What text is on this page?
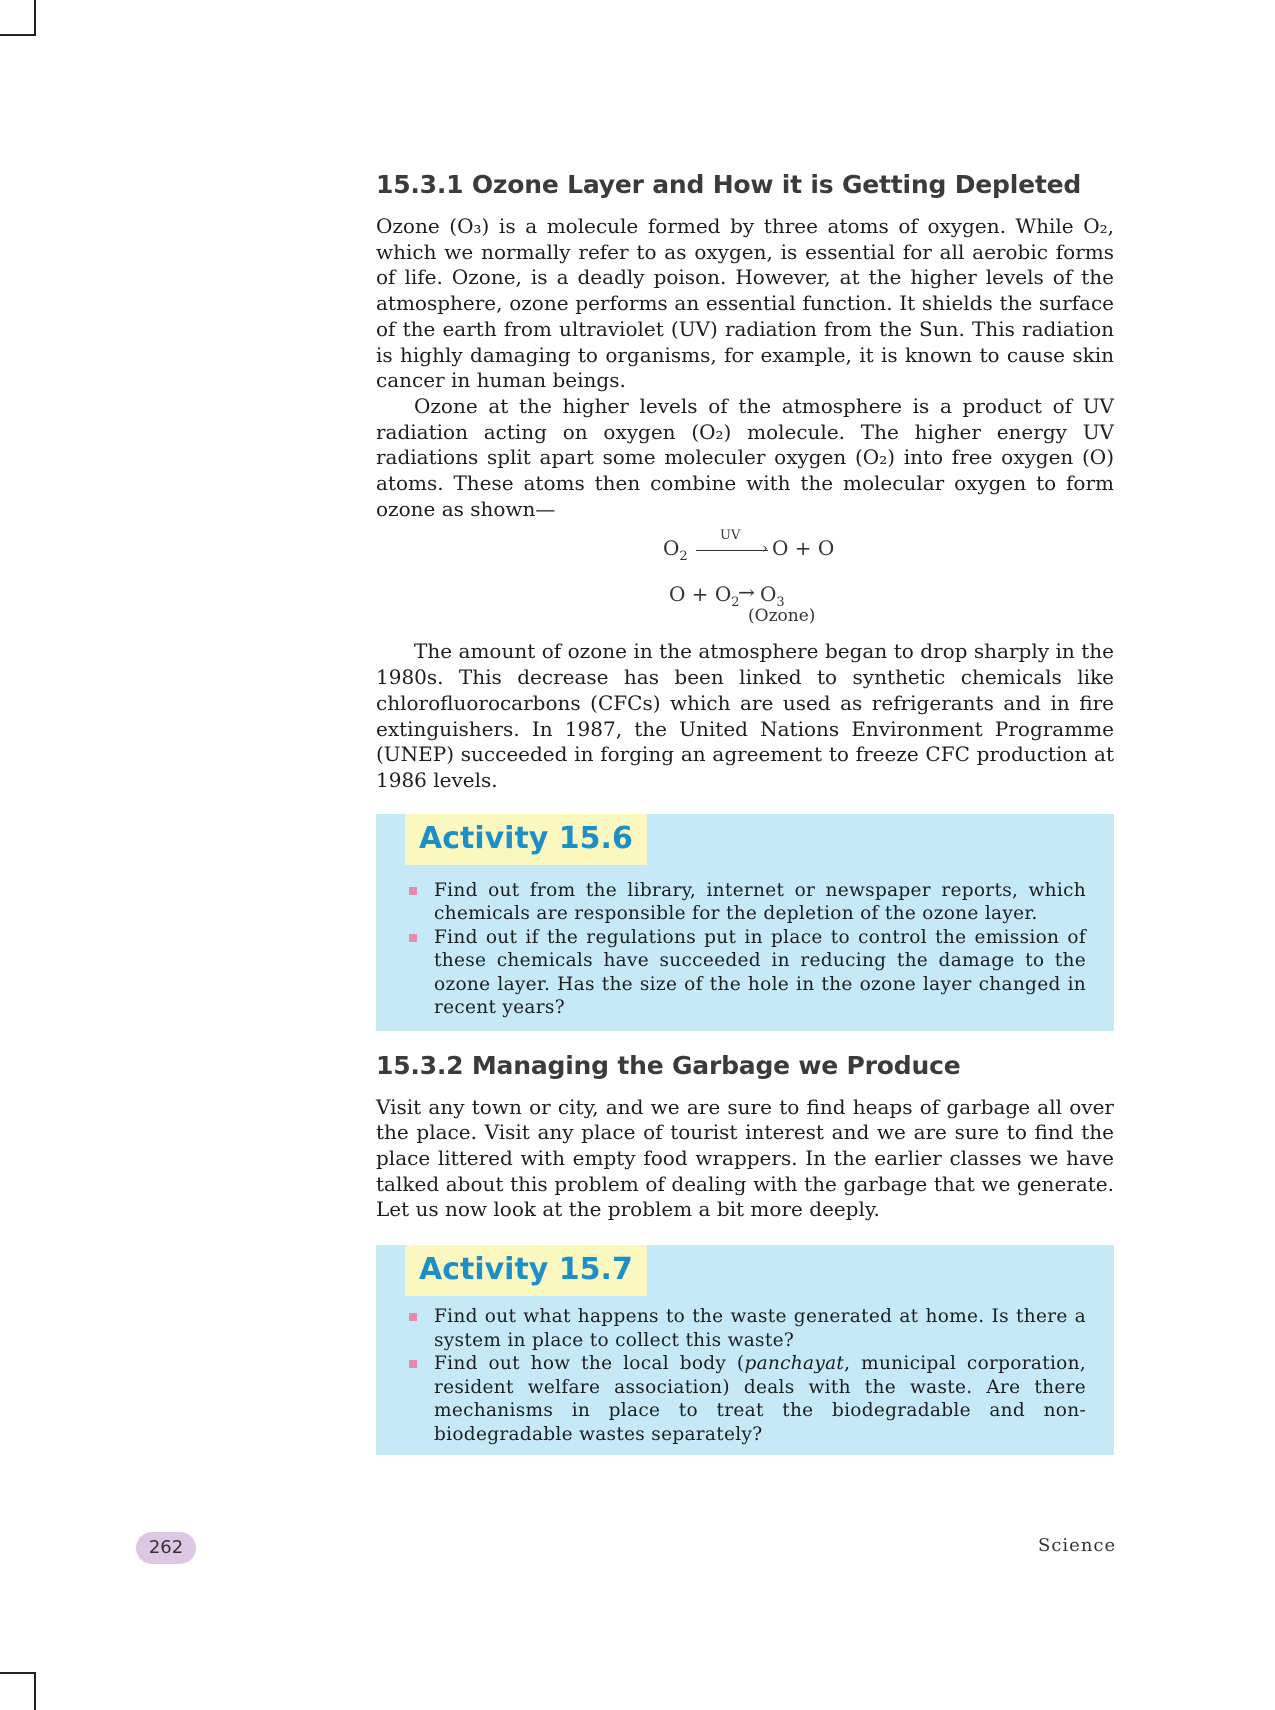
15.3.1 Ozone Layer and How it is Getting Depleted

Ozone (O₃) is a molecule formed by three atoms of oxygen. While O₂, which we normally refer to as oxygen, is essential for all aerobic forms of life. Ozone, is a deadly poison. However, at the higher levels of the atmosphere, ozone performs an essential function. It shields the surface of the earth from ultraviolet (UV) radiation from the Sun. This radiation is highly damaging to organisms, for example, it is known to cause skin cancer in human beings.

Ozone at the higher levels of the atmosphere is a product of UV radiation acting on oxygen (O₂) molecule. The higher energy UV radiations split apart some moleculer oxygen (O₂) into free oxygen (O) atoms. These atoms then combine with the molecular oxygen to form ozone as shown—

$O_2$
UV
› O + O
$O + O_2$
→ $O_3$
(Ozone)

The amount of ozone in the atmosphere began to drop sharply in the 1980s. This decrease has been linked to synthetic chemicals like chlorofluorocarbons (CFCs) which are used as refrigerants and in fire extinguishers. In 1987, the United Nations Environment Programme (UNEP) succeeded in forging an agreement to freeze CFC production at 1986 levels.

Activity 15.6
Find out from the library, internet or newspaper reports, which chemicals are responsible for the depletion of the ozone layer.
Find out if the regulations put in place to control the emission of these chemicals have succeeded in reducing the damage to the ozone layer. Has the size of the hole in the ozone layer changed in recent years?
15.3.2 Managing the Garbage we Produce

Visit any town or city, and we are sure to find heaps of garbage all over the place. Visit any place of tourist interest and we are sure to find the place littered with empty food wrappers. In the earlier classes we have talked about this problem of dealing with the garbage that we generate. Let us now look at the problem a bit more deeply.

Activity 15.7
Find out what happens to the waste generated at home. Is there a system in place to collect this waste?
Find out how the local body (panchayat, municipal corporation, resident welfare association) deals with the waste. Are there mechanisms in place to treat the biodegradable and non-biodegradable wastes separately?
262	Science
